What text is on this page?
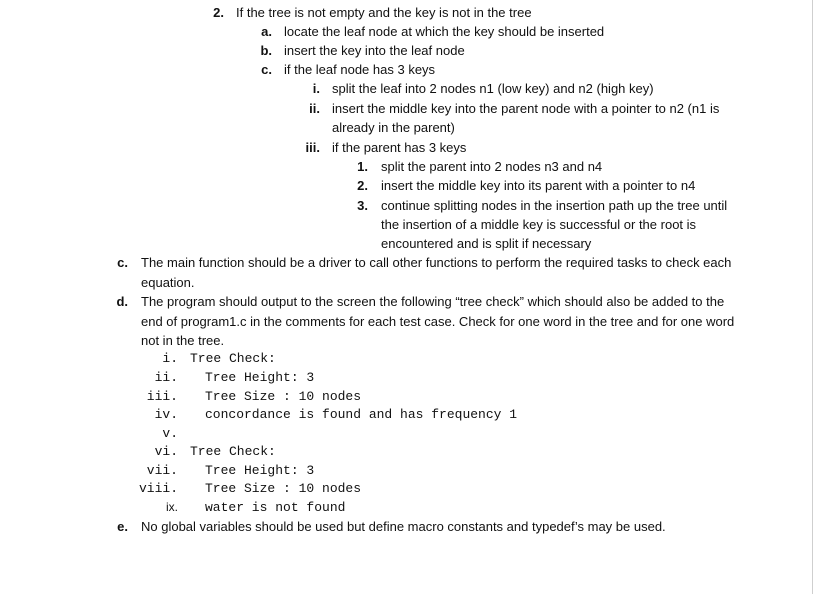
2. If the tree is not empty and the key is not in the tree
a. locate the leaf node at which the key should be inserted
b. insert the key into the leaf node
c. if the leaf node has 3 keys
i. split the leaf into 2 nodes n1 (low key) and n2 (high key)
ii. insert the middle key into the parent node with a pointer to n2 (n1 is
already in the parent)
iii. if the parent has 3 keys
1. split the parent into 2 nodes n3 and n4
2. insert the middle key into its parent with a pointer to n4
3. continue splitting nodes in the insertion path up the tree until
the insertion of a middle key is successful or the root is
encountered and is split if necessary
c. The main function should be a driver to call other functions to perform the required tasks to check each
equation.
d. The program should output to the screen the following “tree check” which should also be added to the
end of program1.c in the comments for each test case. Check for one word in the tree and for one word
not in the tree.
i. Tree Check:
ii. Tree Height: 3
iii. Tree Size : 10 nodes
iv. concordance is found and has frequency 1
v.
vi. Tree Check:
vii. Tree Height: 3
viii. Tree Size : 10 nodes
ix. water is not found
e. No global variables should be used but define macro constants and typedef’s may be used.
